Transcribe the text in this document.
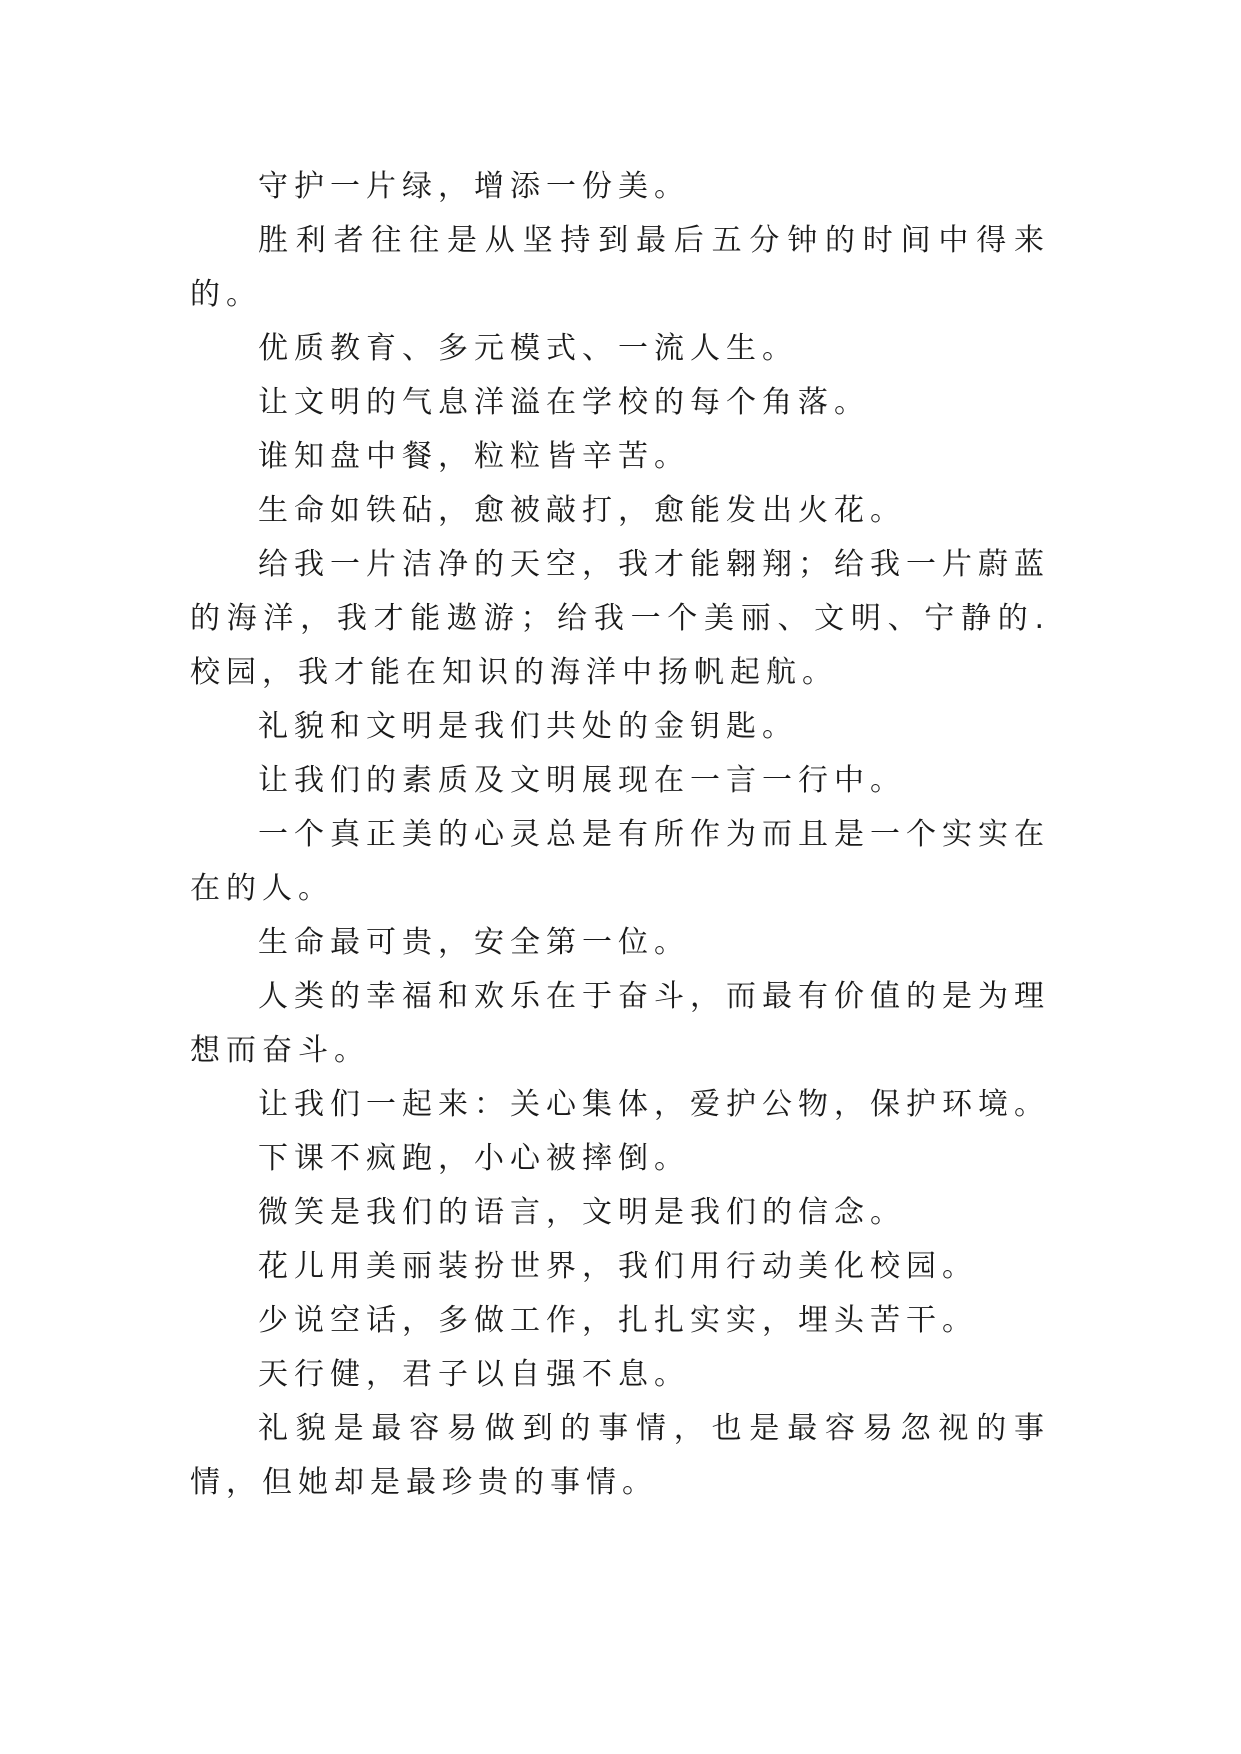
守护一片绿，增添一份美。

胜利者往往是从坚持到最后五分钟的时间中得来的。

优质教育、多元模式、一流人生。

让文明的气息洋溢在学校的每个角落。

谁知盘中餐，粒粒皆辛苦。

生命如铁砧，愈被敲打，愈能发出火花。

给我一片洁净的天空，我才能翱翔；给我一片蔚蓝的海洋，我才能遨游；给我一个美丽、文明、宁静的.校园，我才能在知识的海洋中扬帆起航。

礼貌和文明是我们共处的金钥匙。

让我们的素质及文明展现在一言一行中。

一个真正美的心灵总是有所作为而且是一个实实在在的人。

生命最可贵，安全第一位。

人类的幸福和欢乐在于奋斗，而最有价值的是为理想而奋斗。

让我们一起来：关心集体，爱护公物，保护环境。

下课不疯跑，小心被摔倒。

微笑是我们的语言，文明是我们的信念。

花儿用美丽装扮世界，我们用行动美化校园。

少说空话，多做工作，扎扎实实，埋头苦干。

天行健，君子以自强不息。

礼貌是最容易做到的事情，也是最容易忽视的事情，但她却是最珍贵的事情。
